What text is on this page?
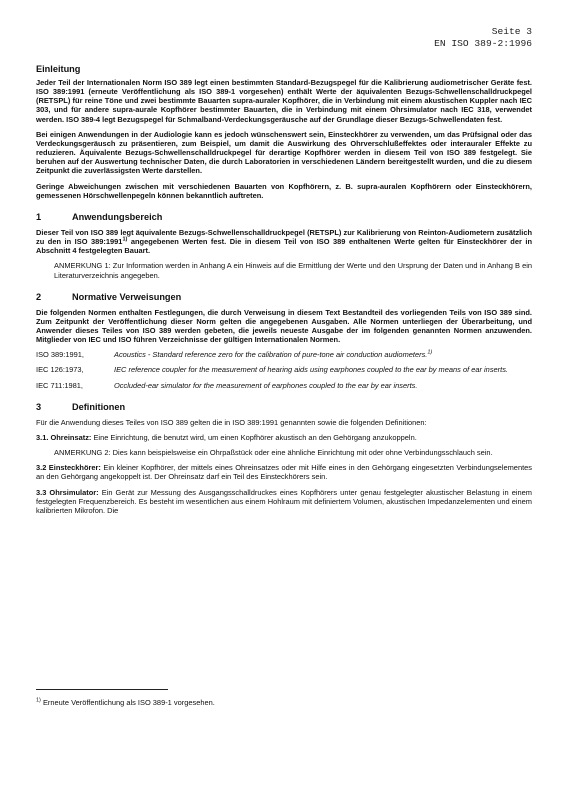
Seite 3
EN ISO 389-2:1996
Einleitung

Jeder Teil der Internationalen Norm ISO 389 legt einen bestimmten Standard-Bezugspegel für die Kalibrierung audiometrischer Geräte fest. ISO 389:1991 (erneute Veröffentlichung als ISO 389-1 vorgesehen) enthält Werte der äquivalenten Bezugs-Schwellenschalldruckpegel (RETSPL) für reine Töne und zwei bestimmte Bauarten supra-auraler Kopfhörer, die in Verbindung mit einem akustischen Kuppler nach IEC 303, und für andere supra-aurale Kopfhörer bestimmter Bauarten, die in Verbindung mit einem Ohrsimulator nach IEC 318, verwendet werden. ISO 389-4 legt Bezugspegel für Schmalband-Verdeckungsgeräusche auf der Grundlage dieser Bezugs-Schwellendaten fest.

Bei einigen Anwendungen in der Audiologie kann es jedoch wünschenswert sein, Einsteckhörer zu verwenden, um das Prüfsignal oder das Verdeckungsgeräusch zu präsentieren, zum Beispiel, um damit die Auswirkung des Ohrverschlußeffektes oder interauraler Effekte zu reduzieren. Äquivalente Bezugs-Schwellenschalldruckpegel für derartige Kopfhörer werden in diesem Teil von ISO 389 festgelegt. Sie beruhen auf der Auswertung technischer Daten, die durch Laboratorien in verschiedenen Ländern bereitgestellt wurden, und die zu diesem Zeitpunkt die zuverlässigsten Werte darstellen.

Geringe Abweichungen zwischen mit verschiedenen Bauarten von Kopfhörern, z. B. supra-auralen Kopfhörern oder Einsteckhörern, gemessenen Hörschwellenpegeln können bekanntlich auftreten.

1	Anwendungsbereich

Dieser Teil von ISO 389 legt äquivalente Bezugs-Schwellenschalldruckpegel (RETSPL) zur Kalibrierung von Reinton-Audiometern zusätzlich zu den in ISO 389:1991$^{1)}$ angegebenen Werten fest. Die in diesem Teil von ISO 389 enthaltenen Werte gelten für Einsteckhörer der in Abschnitt 4 festgelegten Bauart.

ANMERKUNG 1: Zur Information werden in Anhang A ein Hinweis auf die Ermittlung der Werte und den Ursprung der Daten und in Anhang B ein Literaturverzeichnis angegeben.

2	Normative Verweisungen

Die folgenden Normen enthalten Festlegungen, die durch Verweisung in diesem Text Bestandteil des vorliegenden Teils von ISO 389 sind. Zum Zeitpunkt der Veröffentlichung dieser Norm gelten die angegebenen Ausgaben. Alle Normen unterliegen der Überarbeitung, und Anwender dieses Teiles von ISO 389 werden gebeten, die jeweils neueste Ausgabe der im folgenden genannten Normen anzuwenden. Mitglieder von IEC und ISO führen Verzeichnisse der gültigen Internationalen Normen.

ISO 389:1991,	Acoustics - Standard reference zero for the calibration of pure-tone air conduction audiometers.$^{1)}$
IEC 126:1973,	IEC reference coupler for the measurement of hearing aids using earphones coupled to the ear by means of ear inserts.
IEC 711:1981,	Occluded-ear simulator for the measurement of earphones coupled to the ear by ear inserts.
3	Definitionen

Für die Anwendung dieses Teiles von ISO 389 gelten die in ISO 389:1991 genannten sowie die folgenden Definitionen:

3.1. Ohreinsatz: Eine Einrichtung, die benutzt wird, um einen Kopfhörer akustisch an den Gehörgang anzukoppeln.

ANMERKUNG 2: Dies kann beispielsweise ein Ohrpaßstück oder eine ähnliche Einrichtung mit oder ohne Verbindungsschlauch sein.

3.2 Einsteckhörer: Ein kleiner Kopfhörer, der mittels eines Ohreinsatzes oder mit Hilfe eines in den Gehörgang eingesetzten Verbindungselementes an den Gehörgang angekoppelt ist. Der Ohreinsatz darf ein Teil des Einsteckhörers sein.

3.3 Ohrsimulator: Ein Gerät zur Messung des Ausgangsschalldruckes eines Kopfhörers unter genau festgelegter akustischer Belastung in einem festgelegten Frequenzbereich. Es besteht im wesentlichen aus einem Hohlraum mit definiertem Volumen, akustischen Impedanzelementen und einem kalibrierten Mikrofon. Die

$^{1)}$ Erneute Veröffentlichung als ISO 389-1 vorgesehen.
